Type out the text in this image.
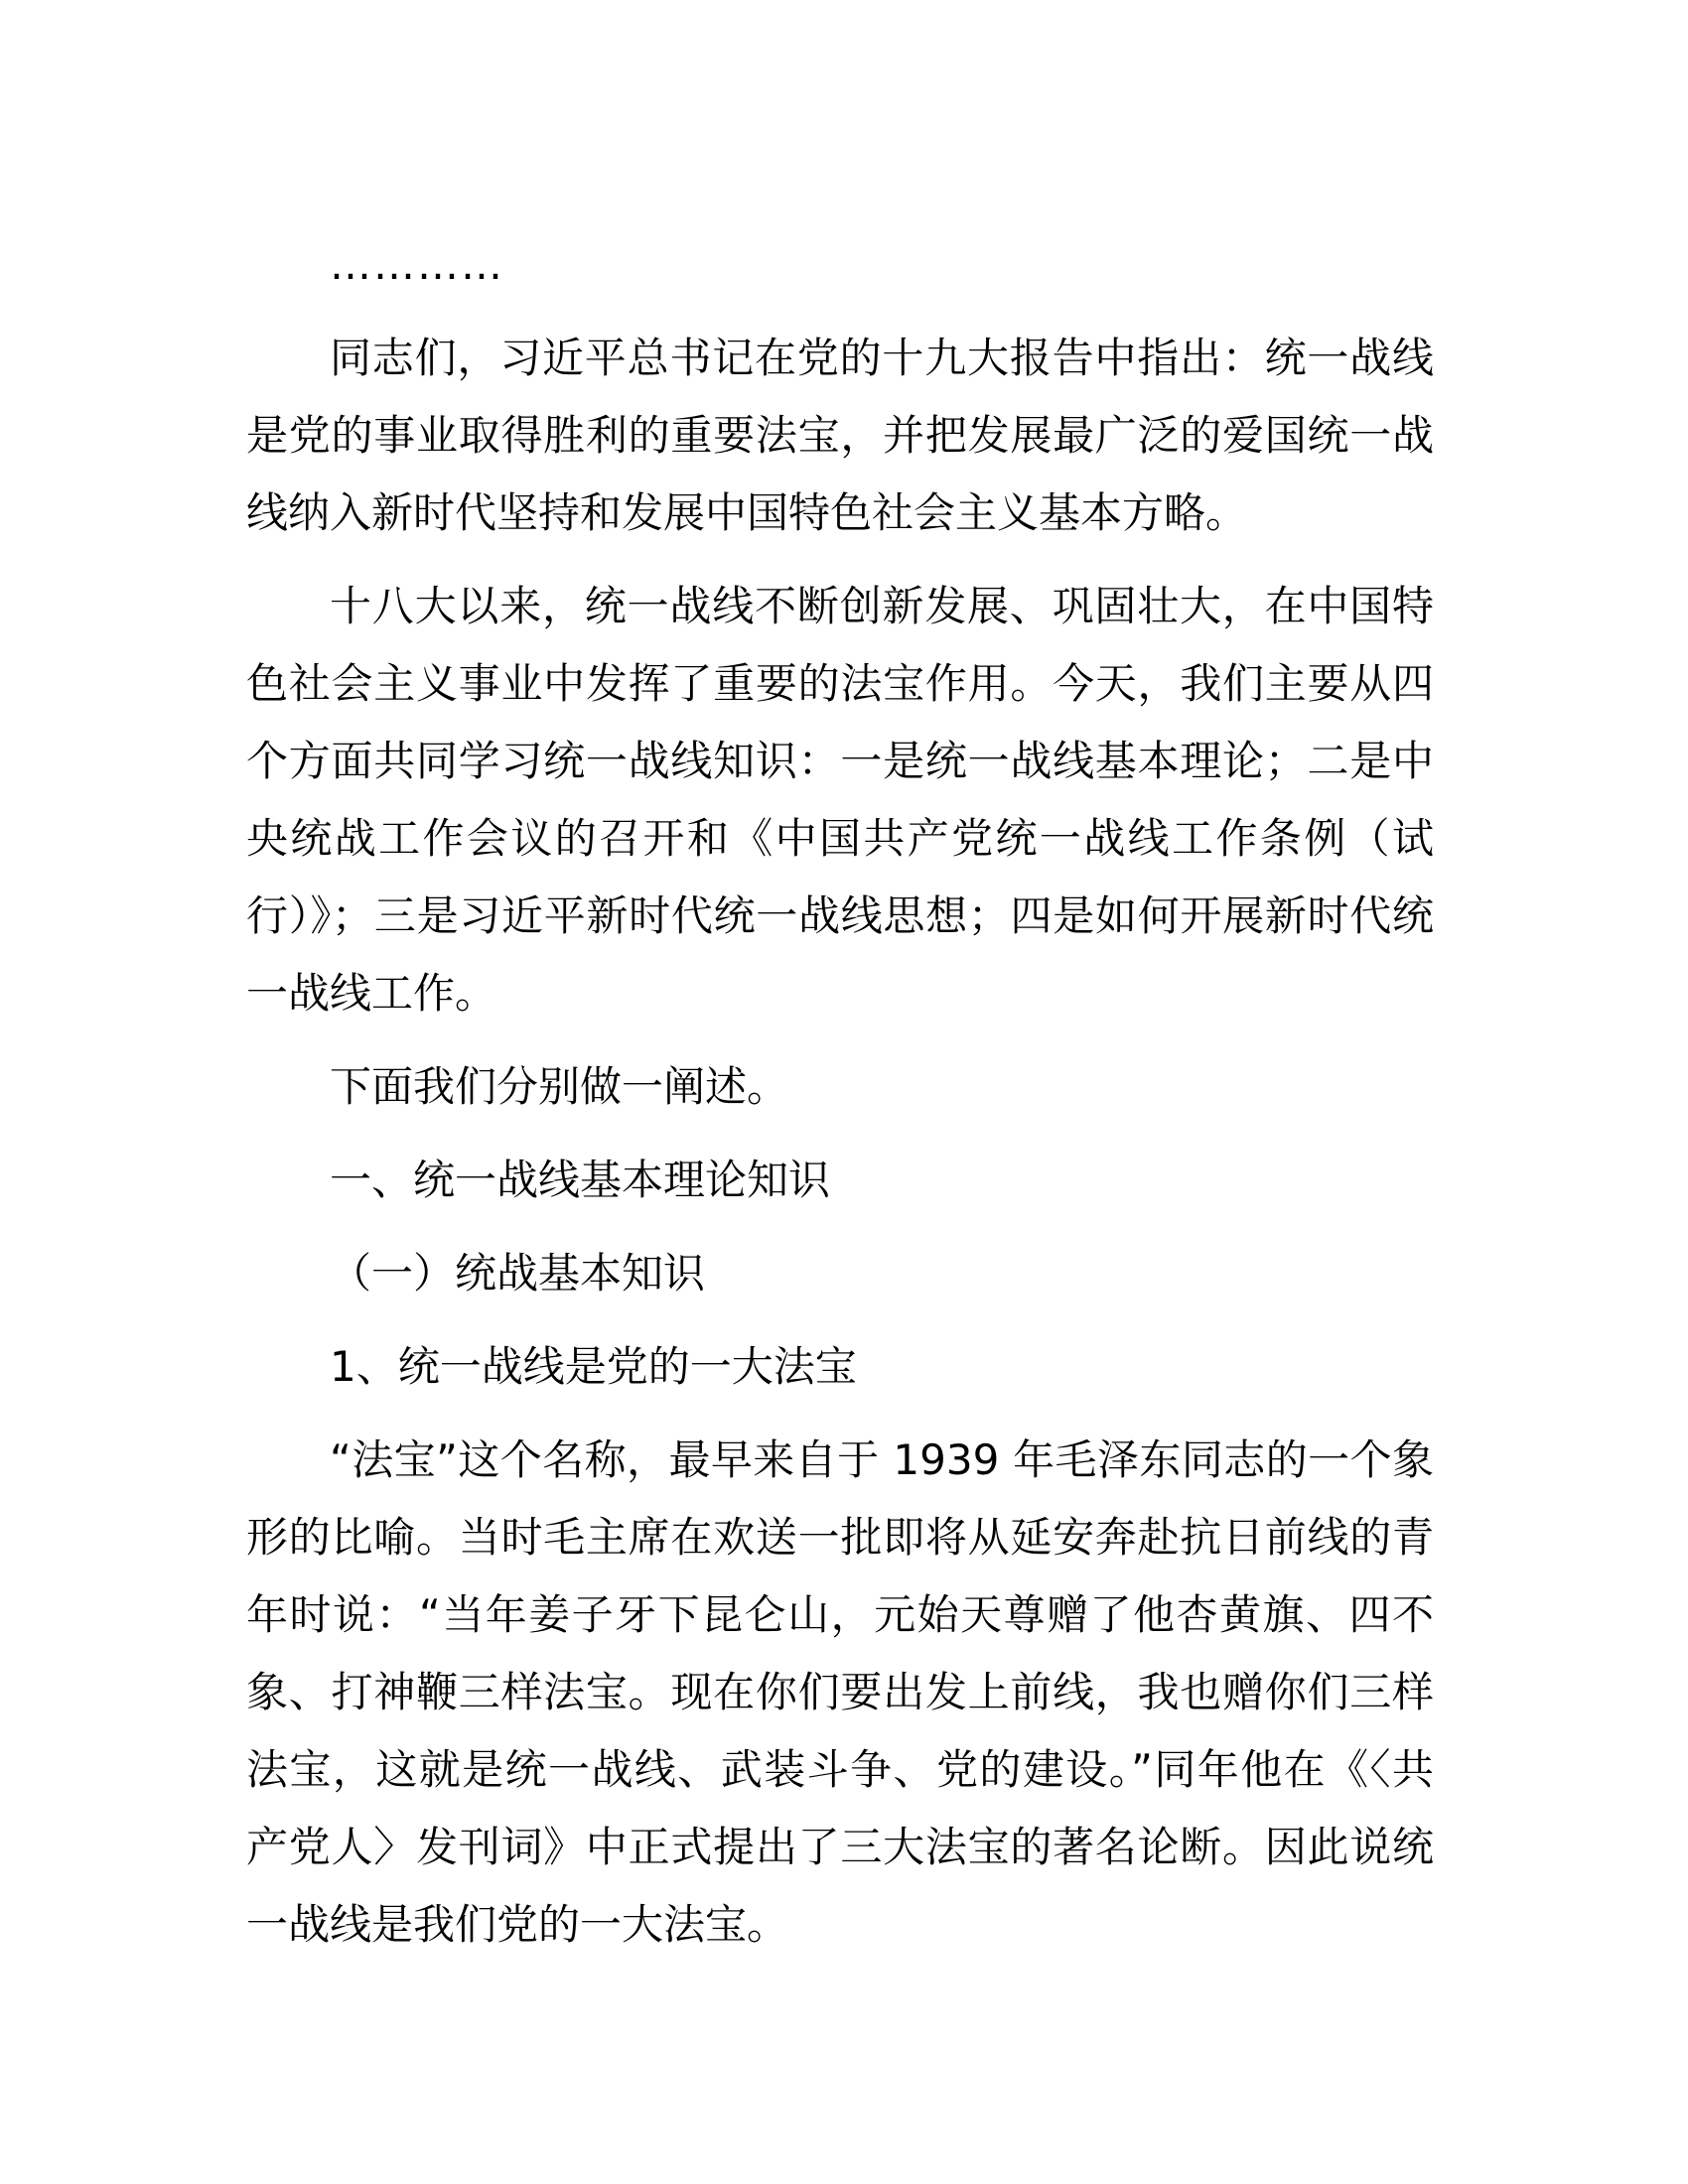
…………

同志们，习近平总书记在党的十九大报告中指出：统一战线是党的事业取得胜利的重要法宝，并把发展最广泛的爱国统一战线纳入新时代坚持和发展中国特色社会主义基本方略。

十八大以来，统一战线不断创新发展、巩固壮大，在中国特色社会主义事业中发挥了重要的法宝作用。今天，我们主要从四个方面共同学习统一战线知识：一是统一战线基本理论；二是中央统战工作会议的召开和《中国共产党统一战线工作条例（试行）》；三是习近平新时代统一战线思想；四是如何开展新时代统一战线工作。

下面我们分别做一阐述。

一、统一战线基本理论知识

（一）统战基本知识

1、统一战线是党的一大法宝

“法宝”这个名称，最早来自于 1939 年毛泽东同志的一个象形的比喻。当时毛主席在欢送一批即将从延安奔赴抗日前线的青年时说：“当年姜子牙下昆仑山，元始天尊赠了他杏黄旗、四不象、打神鞭三样法宝。现在你们要出发上前线，我也赠你们三样法宝，这就是统一战线、武装斗争、党的建设。”同年他在《〈共产党人〉发刊词》中正式提出了三大法宝的著名论断。因此说统一战线是我们党的一大法宝。
